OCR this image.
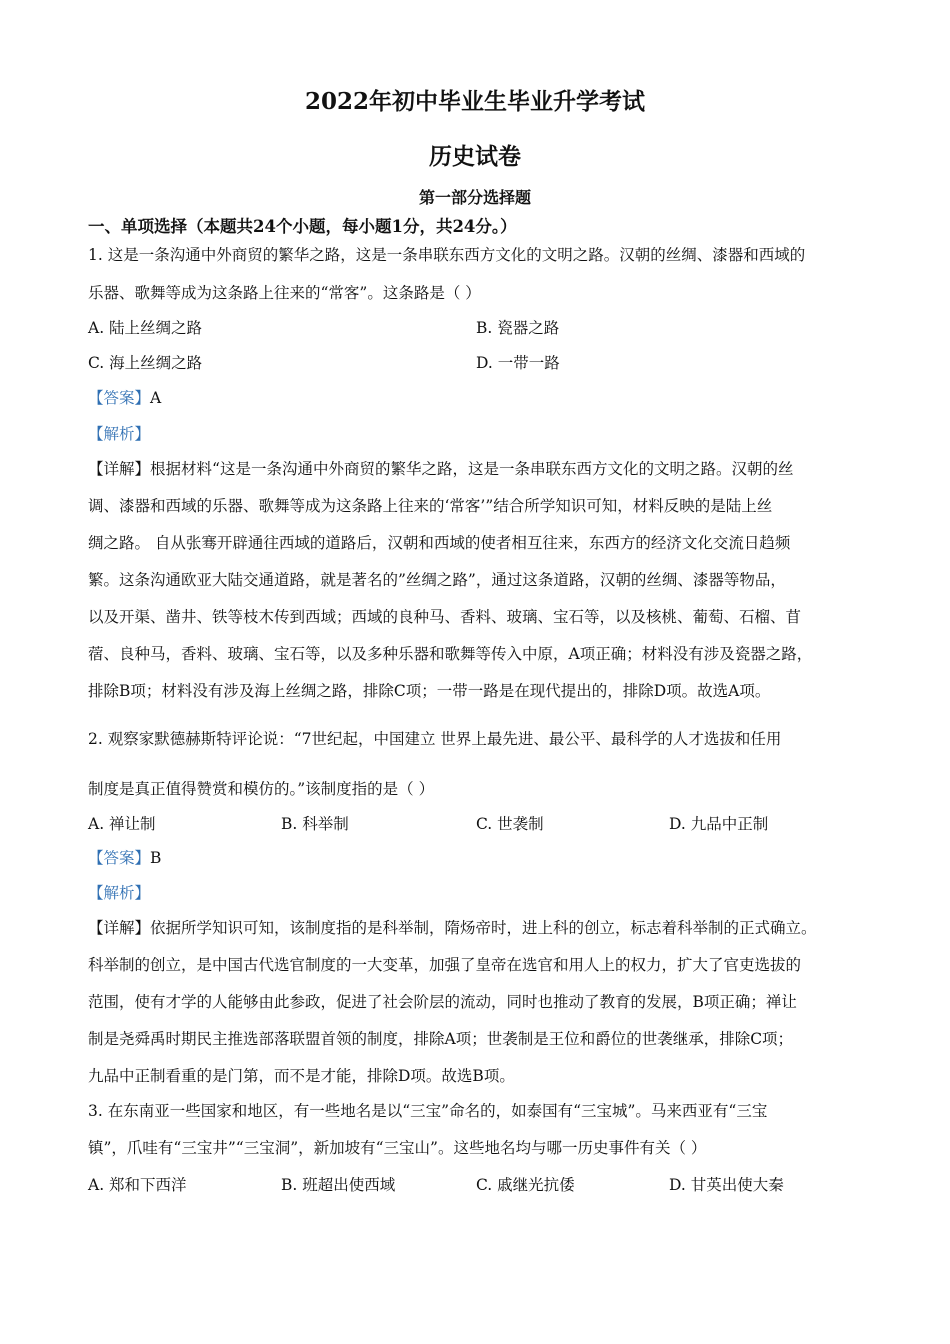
2022年初中毕业生毕业升学考试
历史试卷
第一部分选择题
一、单项选择（本题共24个小题，每小题1分，共24分。）
1. 这是一条沟通中外商贸的繁华之路，这是一条串联东西方文化的文明之路。汉朝的丝绸、漆器和西域的
乐器、歌舞等成为这条路上往来的“常客”。这条路是（ ）
A. 陆上丝绸之路	B. 瓷器之路
C. 海上丝绸之路	D. 一带一路
【答案】A
【解析】
【详解】根据材料“这是一条沟通中外商贸的繁华之路，这是一条串联东西方文化的文明之路。汉朝的丝
调、漆器和西域的乐器、歌舞等成为这条路上往来的‘常客’”结合所学知识可知，材料反映的是陆上丝
绸之路。 自从张骞开辟通往西域的道路后，汉朝和西域的使者相互往来，东西方的经济文化交流日趋频
繁。这条沟通欧亚大陆交通道路，就是著名的”丝绸之路”，通过这条道路，汉朝的丝绸、漆器等物品，
以及开渠、凿井、铁等枝木传到西域；西域的良种马、香料、玻璃、宝石等，以及核桃、葡萄、石榴、苜
蓿、良种马，香料、玻璃、宝石等，以及多种乐器和歌舞等传入中原，A项正确；材料没有涉及瓷器之路，
排除B项；材料没有涉及海上丝绸之路，排除C项；一带一路是在现代提出的，排除D项。故选A项。
2. 观察家默德赫斯特评论说：“7世纪起，中国建立 世界上最先进、最公平、最科学的人才选拔和任用
制度是真正值得赞赏和模仿的。”该制度指的是（ ）
A. 禅让制	B. 科举制	C. 世袭制	D. 九品中正制
【答案】B
【解析】
【详解】依据所学知识可知，该制度指的是科举制，隋炀帝时，进上科的创立，标志着科举制的正式确立。
科举制的创立，是中国古代选官制度的一大变革，加强了皇帝在选官和用人上的权力，扩大了官吏选拔的
范围，使有才学的人能够由此参政，促进了社会阶层的流动，同时也推动了教育的发展，B项正确；禅让
制是尧舜禹时期民主推选部落联盟首领的制度，排除A项；世袭制是王位和爵位的世袭继承，排除C项；
九品中正制看重的是门第，而不是才能，排除D项。故选B项。
3. 在东南亚一些国家和地区，有一些地名是以“三宝”命名的，如泰国有“三宝城”。马来西亚有“三宝
镇”，爪哇有“三宝井”“三宝洞”，新加坡有“三宝山”。这些地名均与哪一历史事件有关（ ）
A. 郑和下西洋	B. 班超出使西域	C. 戚继光抗倭	D. 甘英出使大秦
